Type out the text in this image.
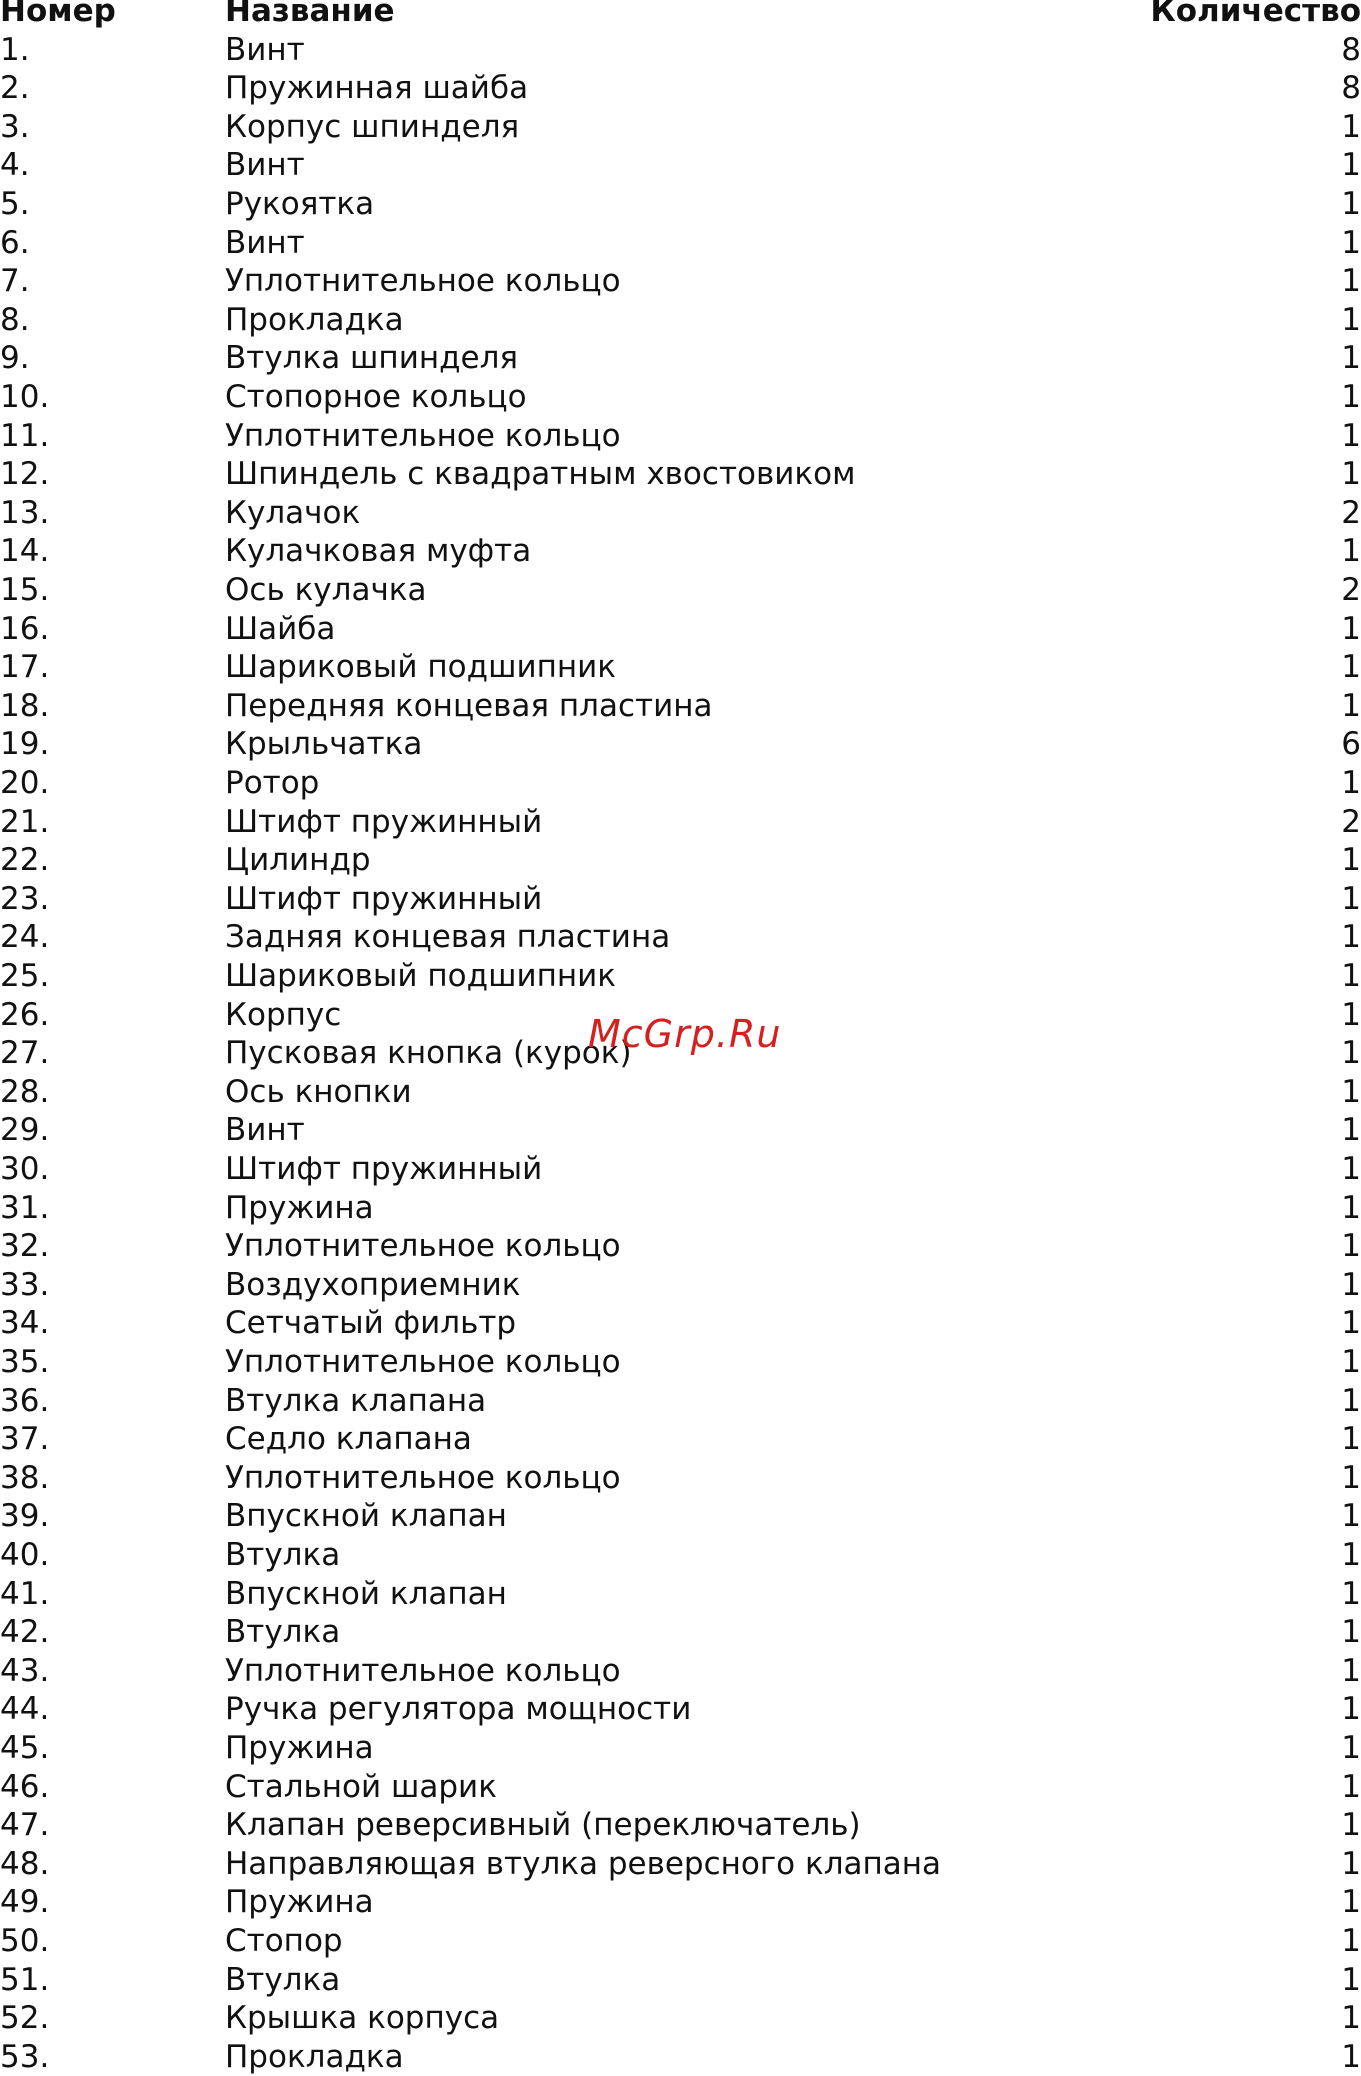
Номер	Название	Количество
1.	Винт	8
2.	Пружинная шайба	8
3.	Корпус шпинделя	1
4.	Винт	1
5.	Рукоятка	1
6.	Винт	1
7.	Уплотнительное кольцо	1
8.	Прокладка	1
9.	Втулка шпинделя	1
10.	Стопорное кольцо	1
11.	Уплотнительное кольцо	1
12.	Шпиндель с квадратным хвостовиком	1
13.	Кулачок	2
14.	Кулачковая муфта	1
15.	Ось кулачка	2
16.	Шайба	1
17.	Шариковый подшипник	1
18.	Передняя концевая пластина	1
19.	Крыльчатка	6
20.	Ротор	1
21.	Штифт пружинный	2
22.	Цилиндр	1
23.	Штифт пружинный	1
24.	Задняя концевая пластина	1
25.	Шариковый подшипник	1
26.	Корпус	1
27.	Пусковая кнопка (курок)	1
28.	Ось кнопки	1
29.	Винт	1
30.	Штифт пружинный	1
31.	Пружина	1
32.	Уплотнительное кольцо	1
33.	Воздухоприемник	1
34.	Сетчатый фильтр	1
35.	Уплотнительное кольцо	1
36.	Втулка клапана	1
37.	Седло клапана	1
38.	Уплотнительное кольцо	1
39.	Впускной клапан	1
40.	Втулка	1
41.	Впускной клапан	1
42.	Втулка	1
43.	Уплотнительное кольцо	1
44.	Ручка регулятора мощности	1
45.	Пружина	1
46.	Стальной шарик	1
47.	Клапан реверсивный (переключатель)	1
48.	Направляющая втулка реверсного клапана	1
49.	Пружина	1
50.	Стопор	1
51.	Втулка	1
52.	Крышка корпуса	1
53.	Прокладка	1
McGrp.Ru
